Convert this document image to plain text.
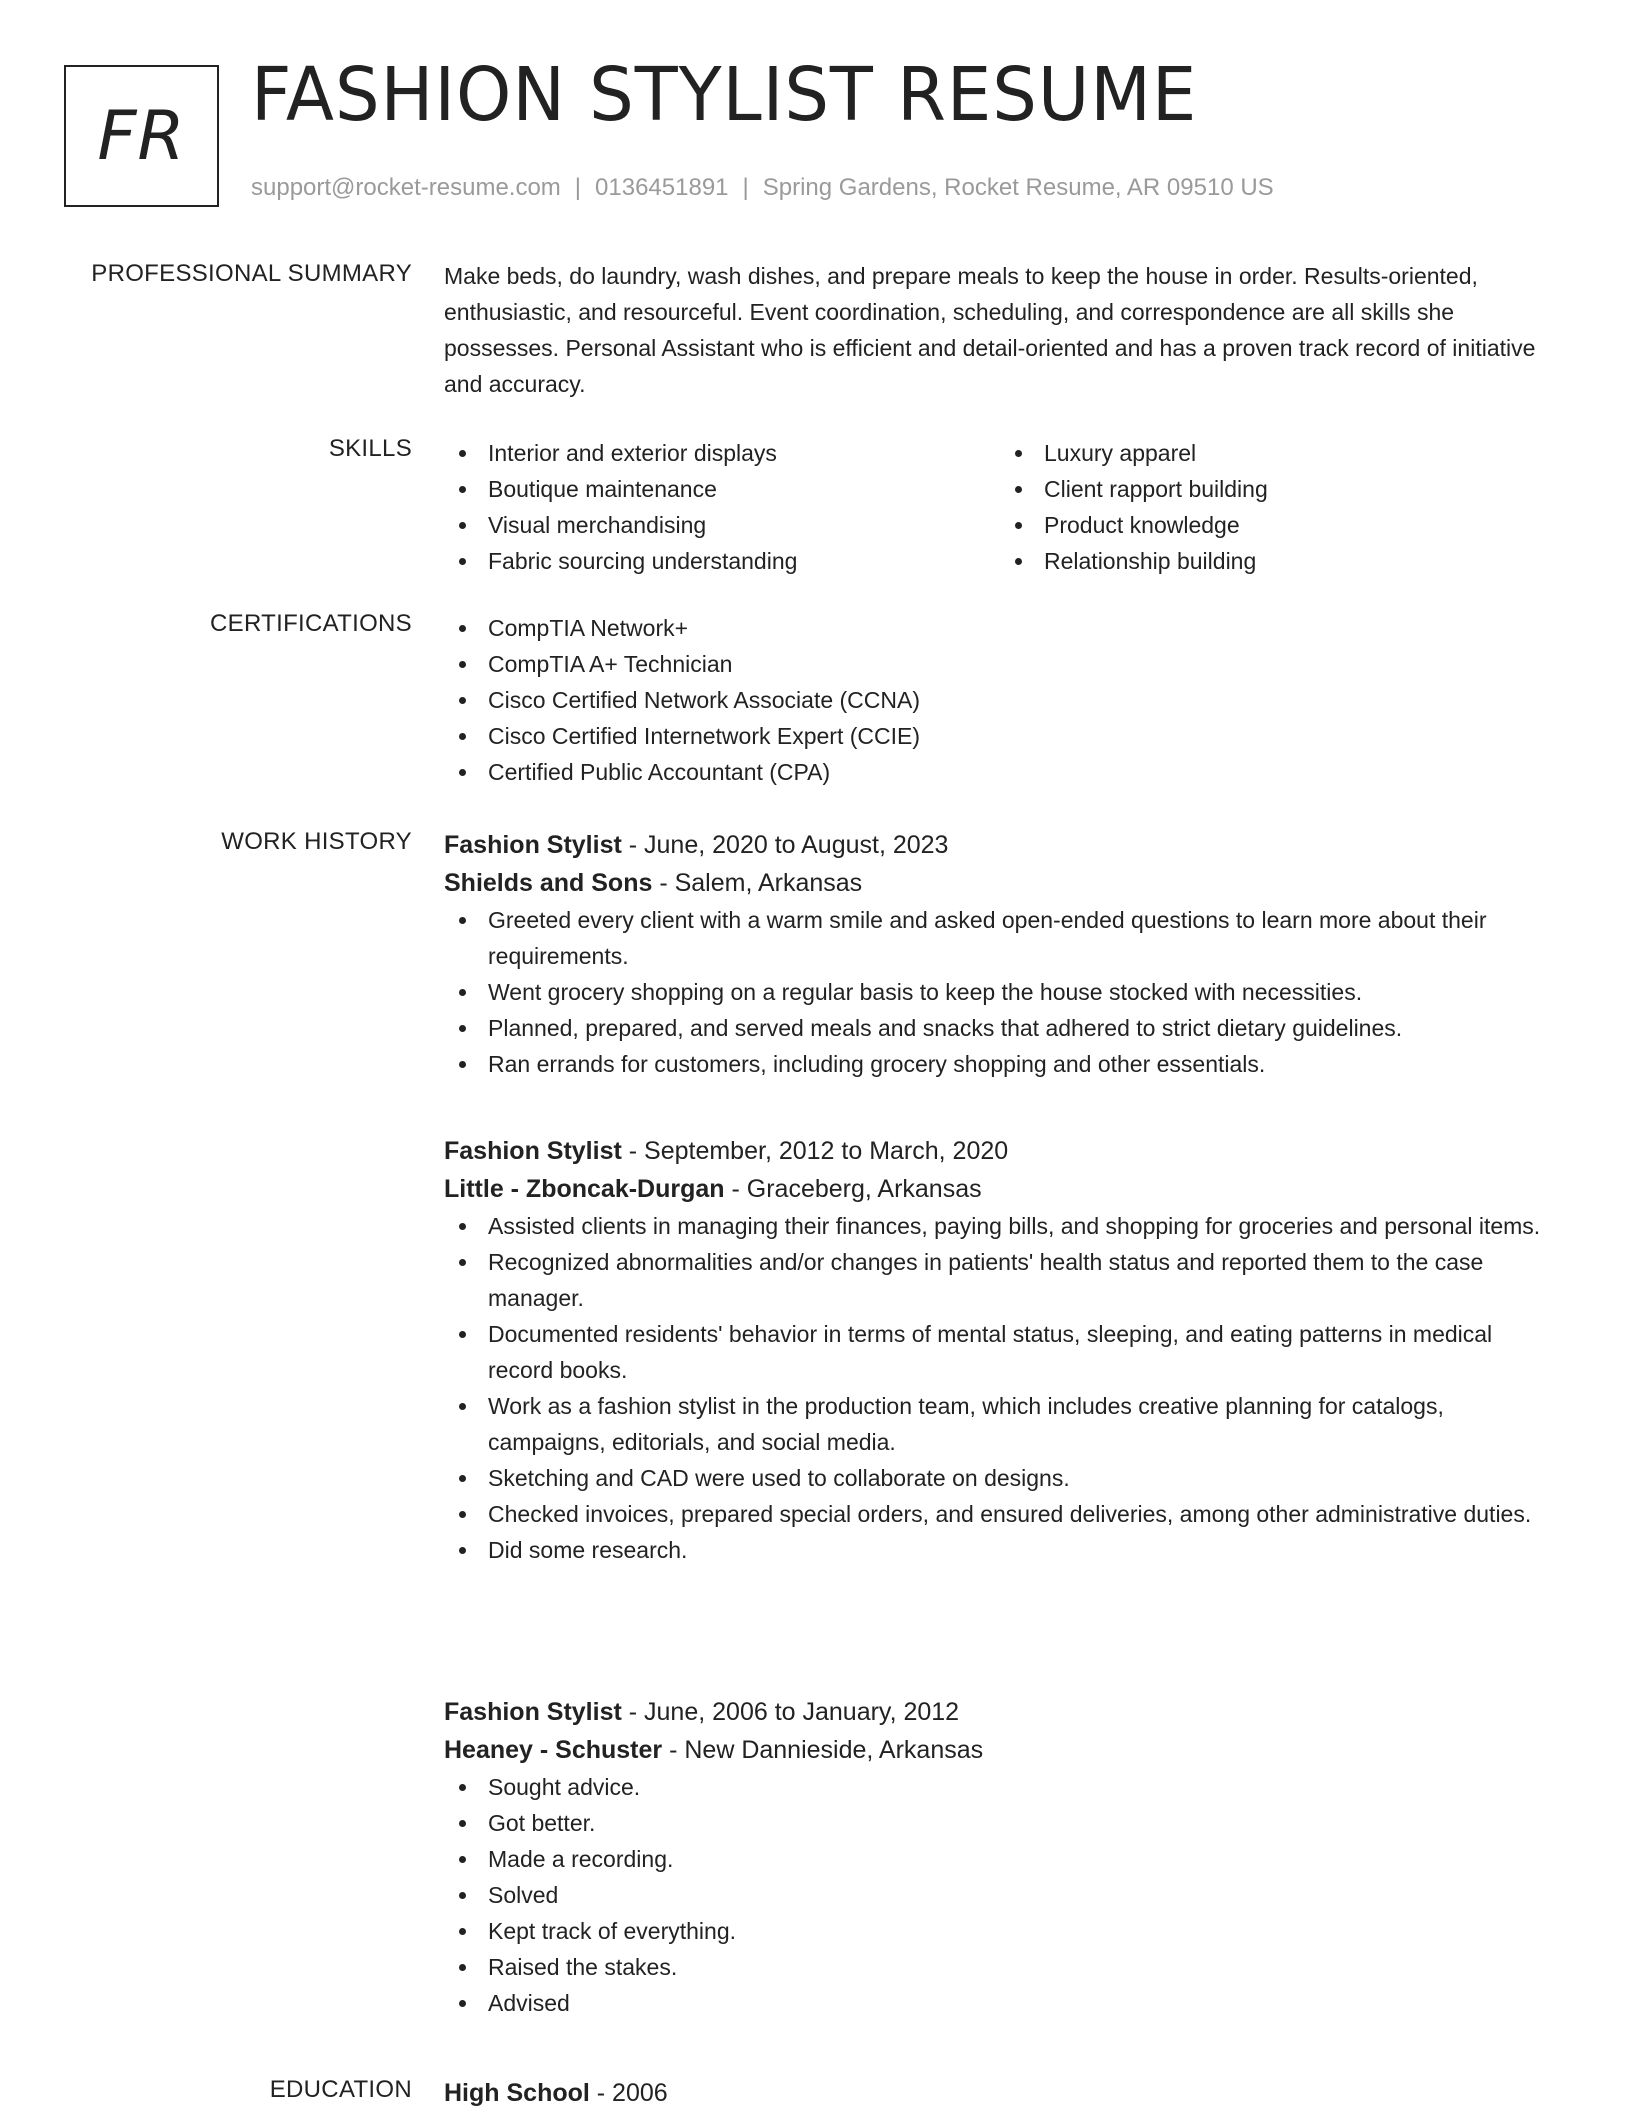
FR FASHION STYLIST RESUME
support@rocket-resume.com | 0136451891 | Spring Gardens, Rocket Resume, AR 09510 US
PROFESSIONAL SUMMARY Make beds, do laundry, wash dishes, and prepare meals to keep the house in order. Results-oriented, enthusiastic, and resourceful. Event coordination, scheduling, and correspondence are all skills she possesses. Personal Assistant who is efficient and detail-oriented and has a proven track record of initiative and accuracy.
SKILLS	Interior and exterior displays
Boutique maintenance
Visual merchandising
Fabric sourcing understanding
Luxury apparel
Client rapport building
Product knowledge
Relationship building
CERTIFICATIONS	CompTIA Network+
CompTIA A+ Technician
Cisco Certified Network Associate (CCNA)
Cisco Certified Internetwork Expert (CCIE)
Certified Public Accountant (CPA)
WORK HISTORY Fashion Stylist - June, 2020 to August, 2023
Shields and Sons - Salem, Arkansas
Greeted every client with a warm smile and asked open-ended questions to learn more about their requirements.
Went grocery shopping on a regular basis to keep the house stocked with necessities.
Planned, prepared, and served meals and snacks that adhered to strict dietary guidelines.
Ran errands for customers, including grocery shopping and other essentials.
Fashion Stylist - September, 2012 to March, 2020
Little - Zboncak-Durgan - Graceberg, Arkansas
Assisted clients in managing their finances, paying bills, and shopping for groceries and personal items.
Recognized abnormalities and/or changes in patients' health status and reported them to the case manager.
Documented residents' behavior in terms of mental status, sleeping, and eating patterns in medical record books.
Work as a fashion stylist in the production team, which includes creative planning for catalogs, campaigns, editorials, and social media.
Sketching and CAD were used to collaborate on designs.
Checked invoices, prepared special orders, and ensured deliveries, among other administrative duties.
Did some research.
Fashion Stylist - June, 2006 to January, 2012
Heaney - Schuster - New Dannieside, Arkansas
Sought advice.
Got better.
Made a recording.
Solved
Kept track of everything.
Raised the stakes.
Advised
EDUCATION High School - 2006
